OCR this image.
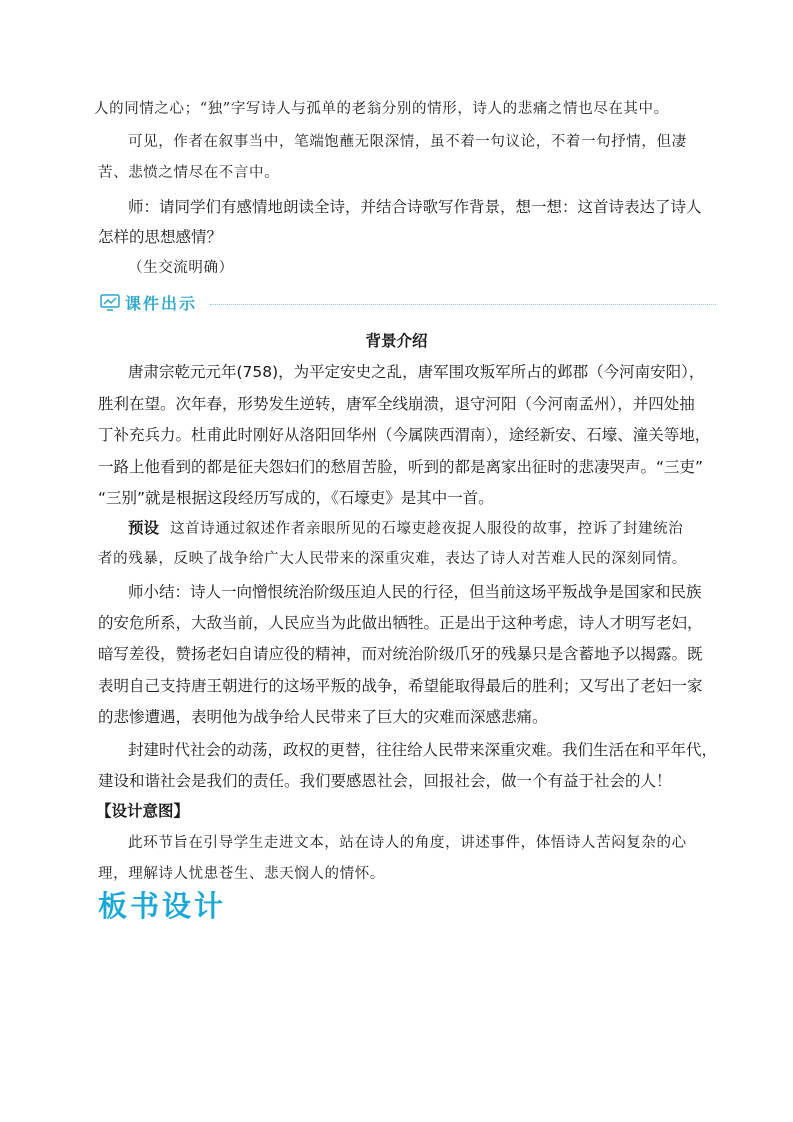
人的同情之心；“独”字写诗人与孤单的老翁分别的情形，诗人的悲痛之情也尽在其中。
可见，作者在叙事当中，笔端饱蘸无限深情，虽不着一句议论，不着一句抒情，但凄
苦、悲愤之情尽在不言中。
师：请同学们有感情地朗读全诗，并结合诗歌写作背景，想一想：这首诗表达了诗人
怎样的思想感情？
（生交流明确）
课件出示
背景介绍
唐肃宗乾元元年(758)，为平定安史之乱，唐军围攻叛军所占的邺郡（今河南安阳），
胜利在望。次年春，形势发生逆转，唐军全线崩溃，退守河阳（今河南孟州），并四处抽
丁补充兵力。杜甫此时刚好从洛阳回华州（今属陕西渭南），途经新安、石壕、潼关等地，
一路上他看到的都是征夫怨妇们的愁眉苦脸，听到的都是离家出征时的悲凄哭声。“三吏”
“三别”就是根据这段经历写成的，《石壕吏》是其中一首。
预设 这首诗通过叙述作者亲眼所见的石壕吏趁夜捉人服役的故事，控诉了封建统治
者的残暴，反映了战争给广大人民带来的深重灾难，表达了诗人对苦难人民的深刻同情。
师小结：诗人一向憎恨统治阶级压迫人民的行径，但当前这场平叛战争是国家和民族
的安危所系，大敌当前，人民应当为此做出牺牲。正是出于这种考虑，诗人才明写老妇，
暗写差役，赞扬老妇自请应役的精神，而对统治阶级爪牙的残暴只是含蓄地予以揭露。既
表明自己支持唐王朝进行的这场平叛的战争，希望能取得最后的胜利；又写出了老妇一家
的悲惨遭遇，表明他为战争给人民带来了巨大的灾难而深感悲痛。
封建时代社会的动荡，政权的更替，往往给人民带来深重灾难。我们生活在和平年代，
建设和谐社会是我们的责任。我们要感恩社会，回报社会，做一个有益于社会的人！
【设计意图】
此环节旨在引导学生走进文本，站在诗人的角度，讲述事件，体悟诗人苦闷复杂的心
理，理解诗人忧患苍生、悲天悯人的情怀。
板书设计
